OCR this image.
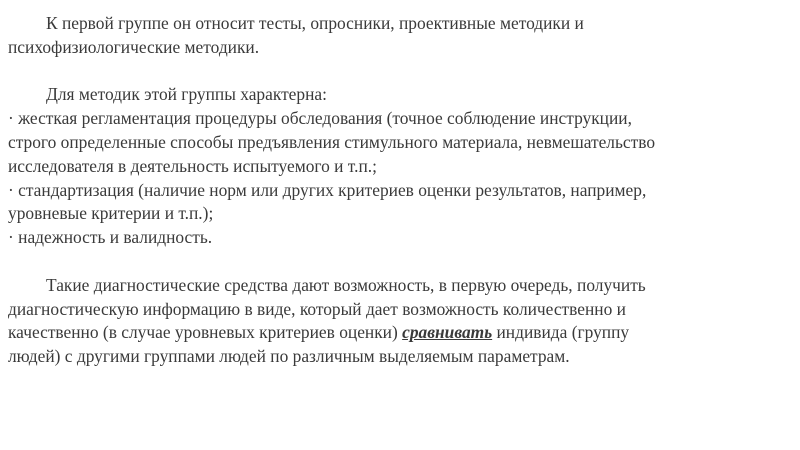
К первой группе он относит тесты, опросники, проективные методики и
психофизиологические методики.
Для методик этой группы характерна:
· жесткая регламентация процедуры обследования (точное соблюдение инструкции,
строго определенные способы предъявления стимульного материала, невмешательство
исследователя в деятельность испытуемого и т.п.;
· стандартизация (наличие норм или других критериев оценки результатов, например,
уровневые критерии и т.п.);
· надежность и валидность.
Такие диагностические средства дают возможность, в первую очередь, получить
диагностическую информацию в виде, который дает возможность количественно и
качественно (в случае уровневых критериев оценки) сравнивать индивида (группу
людей) с другими группами людей по различным выделяемым параметрам.
